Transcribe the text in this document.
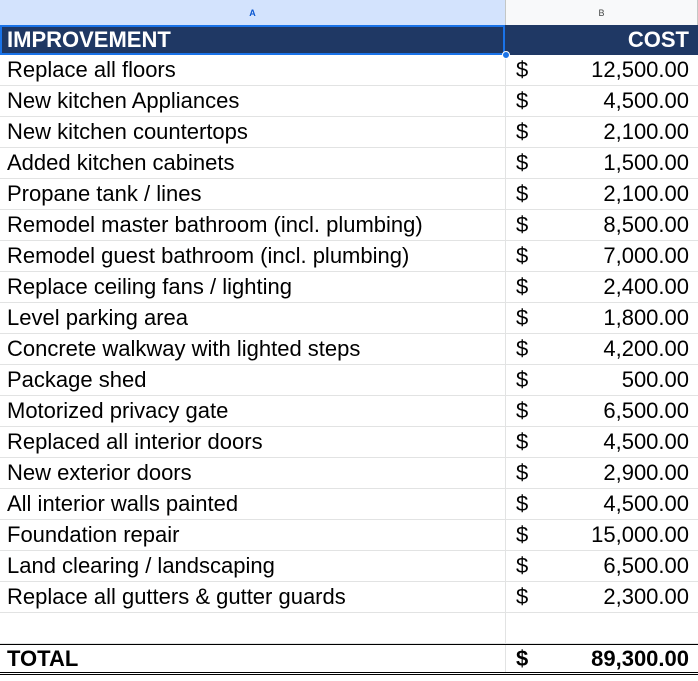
A	B
IMPROVEMENT	COST
Replace all floors	$	12,500.00
New kitchen Appliances	$	4,500.00
New kitchen countertops	$	2,100.00
Added kitchen cabinets	$	1,500.00
Propane tank / lines	$	2,100.00
Remodel master bathroom (incl. plumbing)	$	8,500.00
Remodel guest bathroom (incl. plumbing)	$	7,000.00
Replace ceiling fans / lighting	$	2,400.00
Level parking area	$	1,800.00
Concrete walkway with lighted steps	$	4,200.00
Package shed	$	500.00
Motorized privacy gate	$	6,500.00
Replaced all interior doors	$	4,500.00
New exterior doors	$	2,900.00
All interior walls painted	$	4,500.00
Foundation repair	$	15,000.00
Land clearing / landscaping	$	6,500.00
Replace all gutters & gutter guards	$	2,300.00
TOTAL	$	89,300.00
